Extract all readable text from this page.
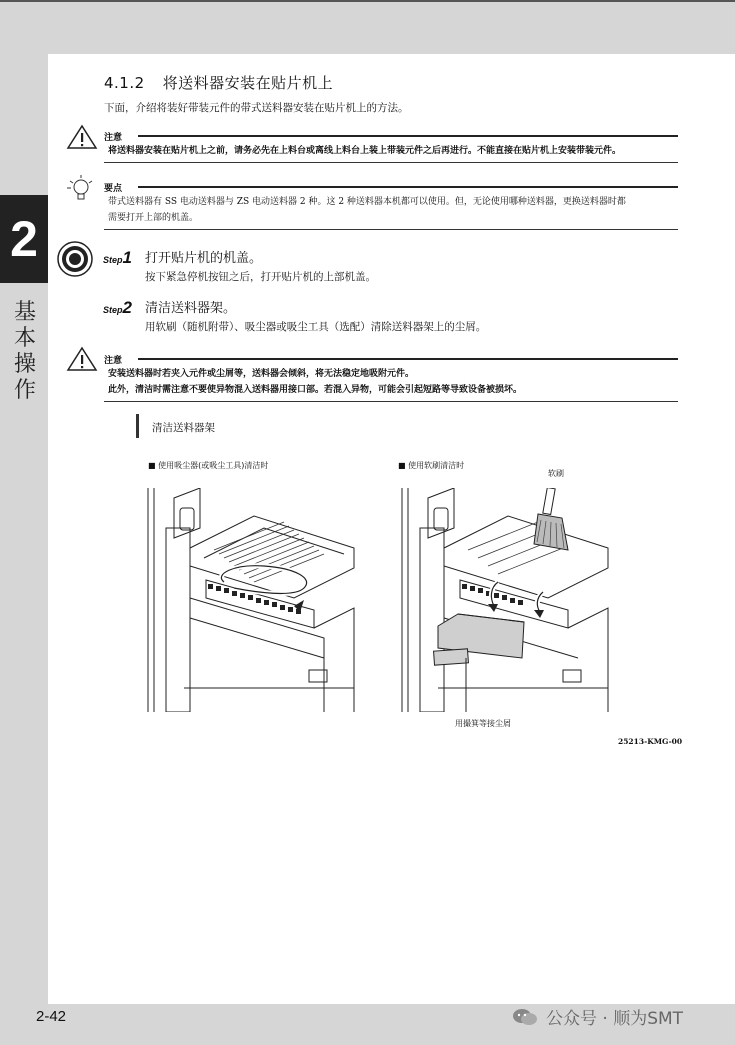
2
基本操作
4.1.2 将送料器安装在贴片机上
下面，介绍将装好带装元件的带式送料器安装在贴片机上的方法。
注意
将送料器安装在贴片机上之前，请务必先在上料台或离线上料台上装上带装元件之后再进行。不能直接在贴片机上安装带装元件。
要点
带式送料器有 SS 电动送料器与 ZS 电动送料器 2 种。这 2 种送料器本机都可以使用。但，无论使用哪种送料器，更换送料器时都
需要打开上部的机盖。
Step1 打开贴片机的机盖。
按下紧急停机按钮之后，打开贴片机的上部机盖。
Step2 清洁送料器架。
用软刷（随机附带）、吸尘器或吸尘工具（选配）清除送料器架上的尘屑。
注意
安装送料器时若夹入元件或尘屑等，送料器会倾斜，将无法稳定地吸附元件。
此外，清洁时需注意不要使异物混入送料器用接口部。若混入异物，可能会引起短路等导致设备被损坏。
清洁送料器架
■ 使用吸尘器(或吸尘工具)清洁时	■ 使用软刷清洁时
软刷
用撮箕等接尘屑
25213-KMG-00
2-42	公众号 · 顺为SMT
